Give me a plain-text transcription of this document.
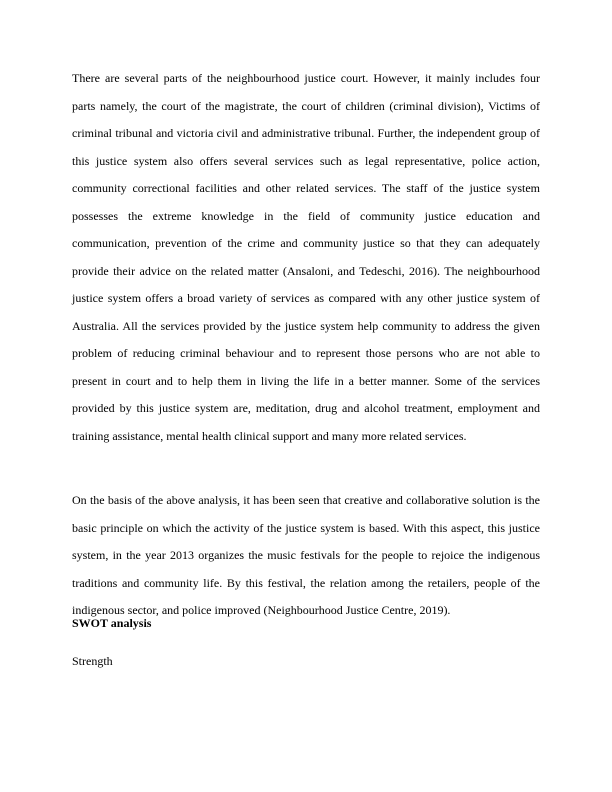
There are several parts of the neighbourhood justice court. However, it mainly includes four
parts namely, the court of the magistrate, the court of children (criminal division), Victims of
criminal tribunal and victoria civil and administrative tribunal. Further, the independent group of
this justice system also offers several services such as legal representative, police action,
community correctional facilities and other related services. The staff of the justice system
possesses the extreme knowledge in the field of community justice education and
communication, prevention of the crime and community justice so that they can adequately
provide their advice on the related matter (Ansaloni, and Tedeschi, 2016). The neighbourhood
justice system offers a broad variety of services as compared with any other justice system of
Australia. All the services provided by the justice system help community to address the given
problem of reducing criminal behaviour and to represent those persons who are not able to
present in court and to help them in living the life in a better manner. Some of the services
provided by this justice system are, meditation, drug and alcohol treatment, employment and
training assistance, mental health clinical support and many more related services.
On the basis of the above analysis, it has been seen that creative and collaborative solution is the
basic principle on which the activity of the justice system is based. With this aspect, this justice
system, in the year 2013 organizes the music festivals for the people to rejoice the indigenous
traditions and community life. By this festival, the relation among the retailers, people of the
indigenous sector, and police improved (Neighbourhood Justice Centre, 2019).
SWOT analysis
Strength
